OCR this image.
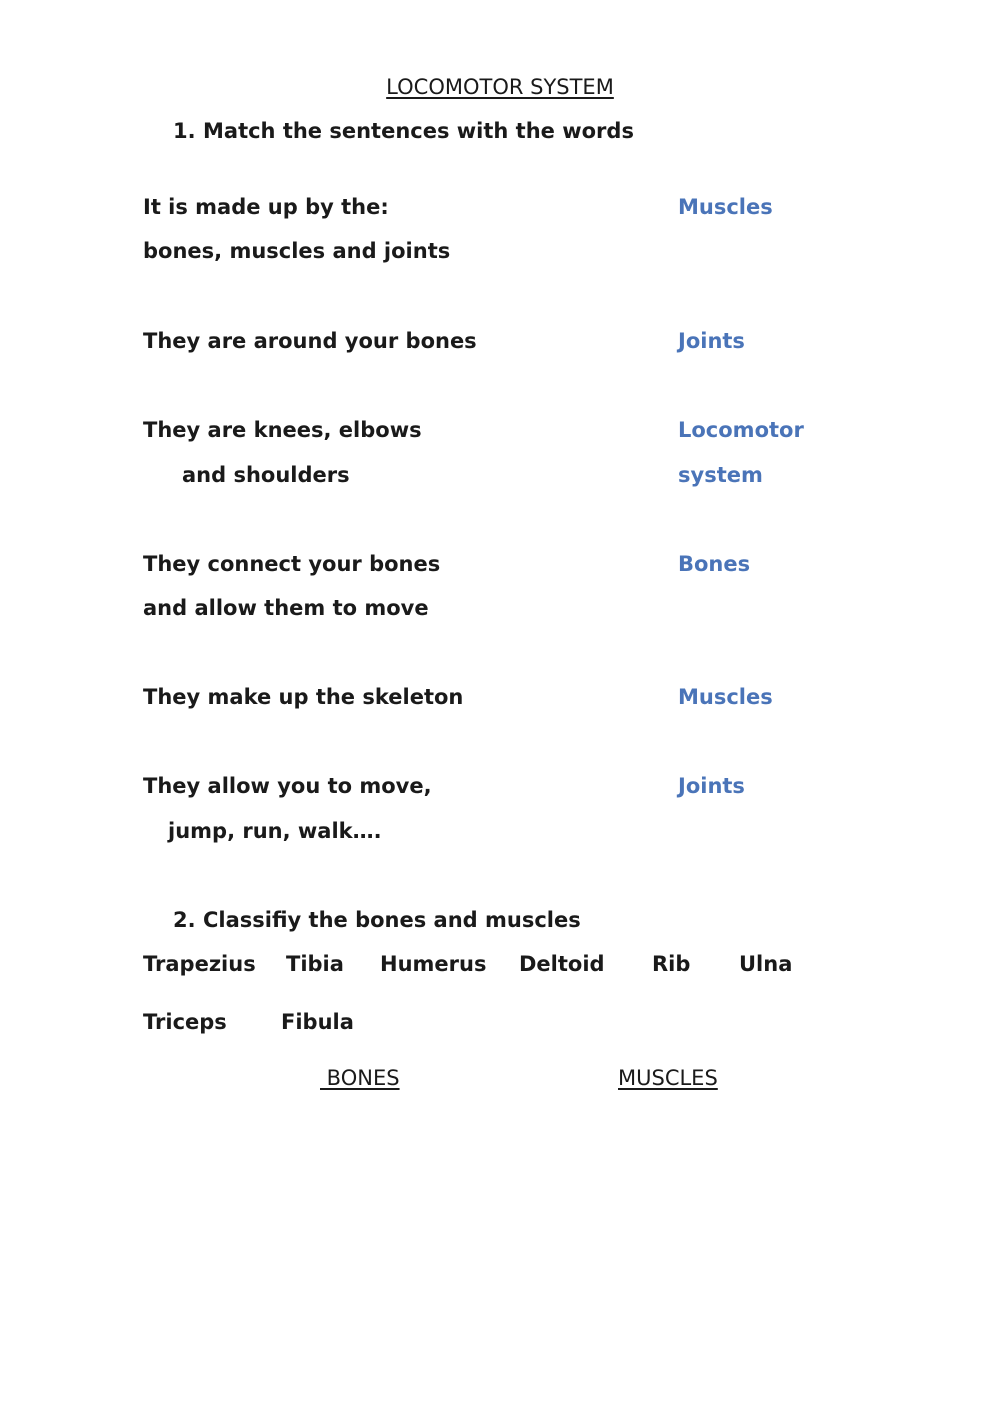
LOCOMOTOR SYSTEM
1. Match the sentences with the words
It is made up by the:
bones, muscles and joints
They are around your bones
They are knees, elbows
and shoulders
They connect your bones
and allow them to move
They make up the skeleton
They allow you to move,
jump, run, walk….
Muscles
Joints
Locomotor
system
Bones
Muscles
Joints
2. Classifiy the bones and muscles
Trapezius Tibia Humerus Deltoid Rib Ulna
Triceps	Fibula
BONES	MUSCLES
